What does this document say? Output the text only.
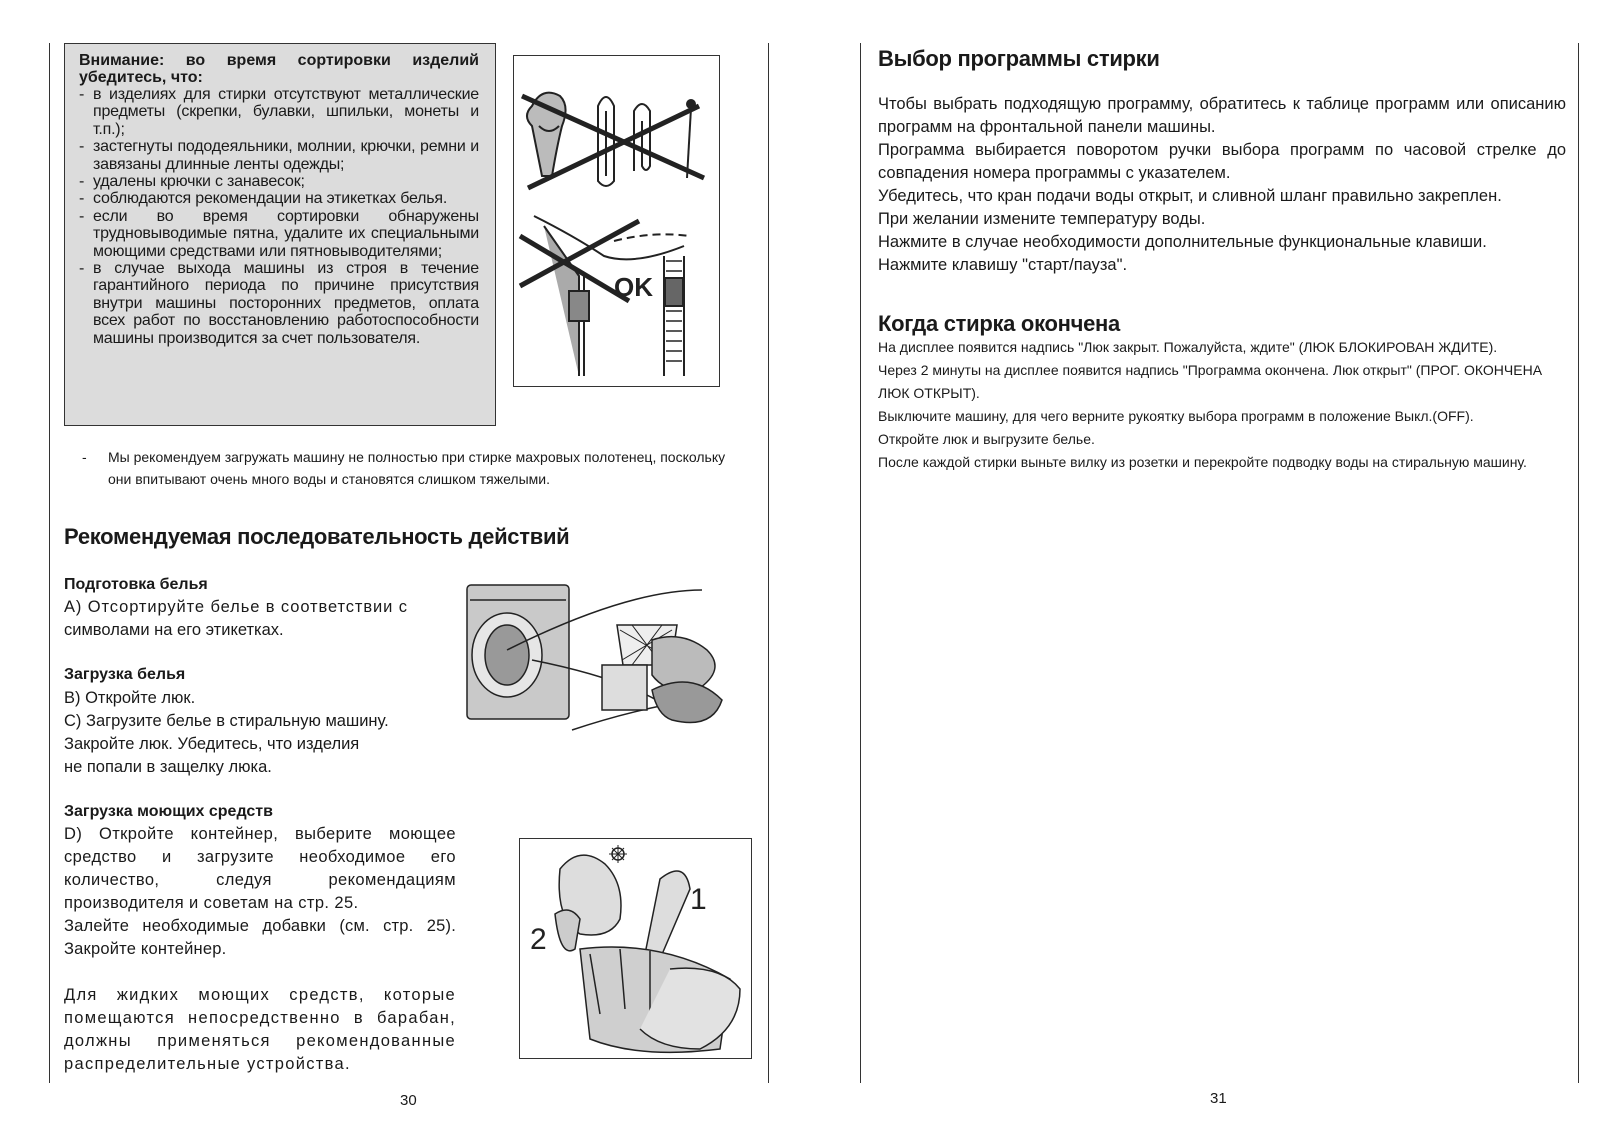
Внимание: во время сортировки изделий убедитесь, что:
- в изделиях для стирки отсутствуют металлические предметы (скрепки, булавки, шпильки, монеты и т.п.);
- застегнуты пододеяльники, молнии, крючки, ремни и завязаны длинные ленты одежды;
- удалены крючки с занавесок;
- соблюдаются рекомендации на этикетках белья.
- если во время сортировки обнаружены трудновыводимые пятна, удалите их специальными моющими средствами или пятновыводителями;
- в случае выхода машины из строя в течение гарантийного периода по причине присутствия внутри машины посторонних предметов, оплата всех работ по восстановлению работоспособности машины производится за счет пользователя.
OK
-	Мы рекомендуем загружать машину не полностью при стирке махровых полотенец, поскольку они впитывают очень много воды и становятся слишком тяжелыми.
Рекомендуемая последовательность действий
Подготовка белья
A) Отсортируйте белье в соответствии с
символами на его этикетках.
Загрузка белья
B) Откройте люк.
C) Загрузите белье в стиральную машину.
Закройте люк. Убедитесь, что изделия
не попали в защелку люка.
Загрузка моющих средств
D) Откройте контейнер, выберите моющее средство и загрузите необходимое его количество, следуя рекомендациям производителя и советам на стр. 25.
Залейте необходимые добавки (см. стр. 25). Закройте контейнер.
Для жидких моющих средств, которые помещаются непосредственно в барабан, должны применяться рекомендованные распределительные устройства.
1
2
30
Выбор программы стирки
Чтобы выбрать подходящую программу, обратитесь к таблице программ или описанию программ на фронтальной панели машины.
Программа выбирается поворотом ручки выбора программ по часовой стрелке до совпадения номера программы с указателем.
Убедитесь, что кран подачи воды открыт, и сливной шланг правильно закреплен.
При желании измените температуру воды.
Нажмите в случае необходимости дополнительные функциональные клавиши.
Нажмите клавишу "старт/пауза".
Когда стирка окончена
На дисплее появится надпись "Люк закрыт. Пожалуйста, ждите" (ЛЮК БЛОКИРОВАН ЖДИТЕ).
Через 2 минуты на дисплее появится надпись "Программа окончена. Люк открыт" (ПРОГ. ОКОНЧЕНА ЛЮК ОТКРЫТ).
Выключите машину, для чего верните рукоятку выбора программ в положение Выкл.(OFF).
Откройте люк и выгрузите белье.
После каждой стирки выньте вилку из розетки и перекройте подводку воды на стиральную машину.
31
